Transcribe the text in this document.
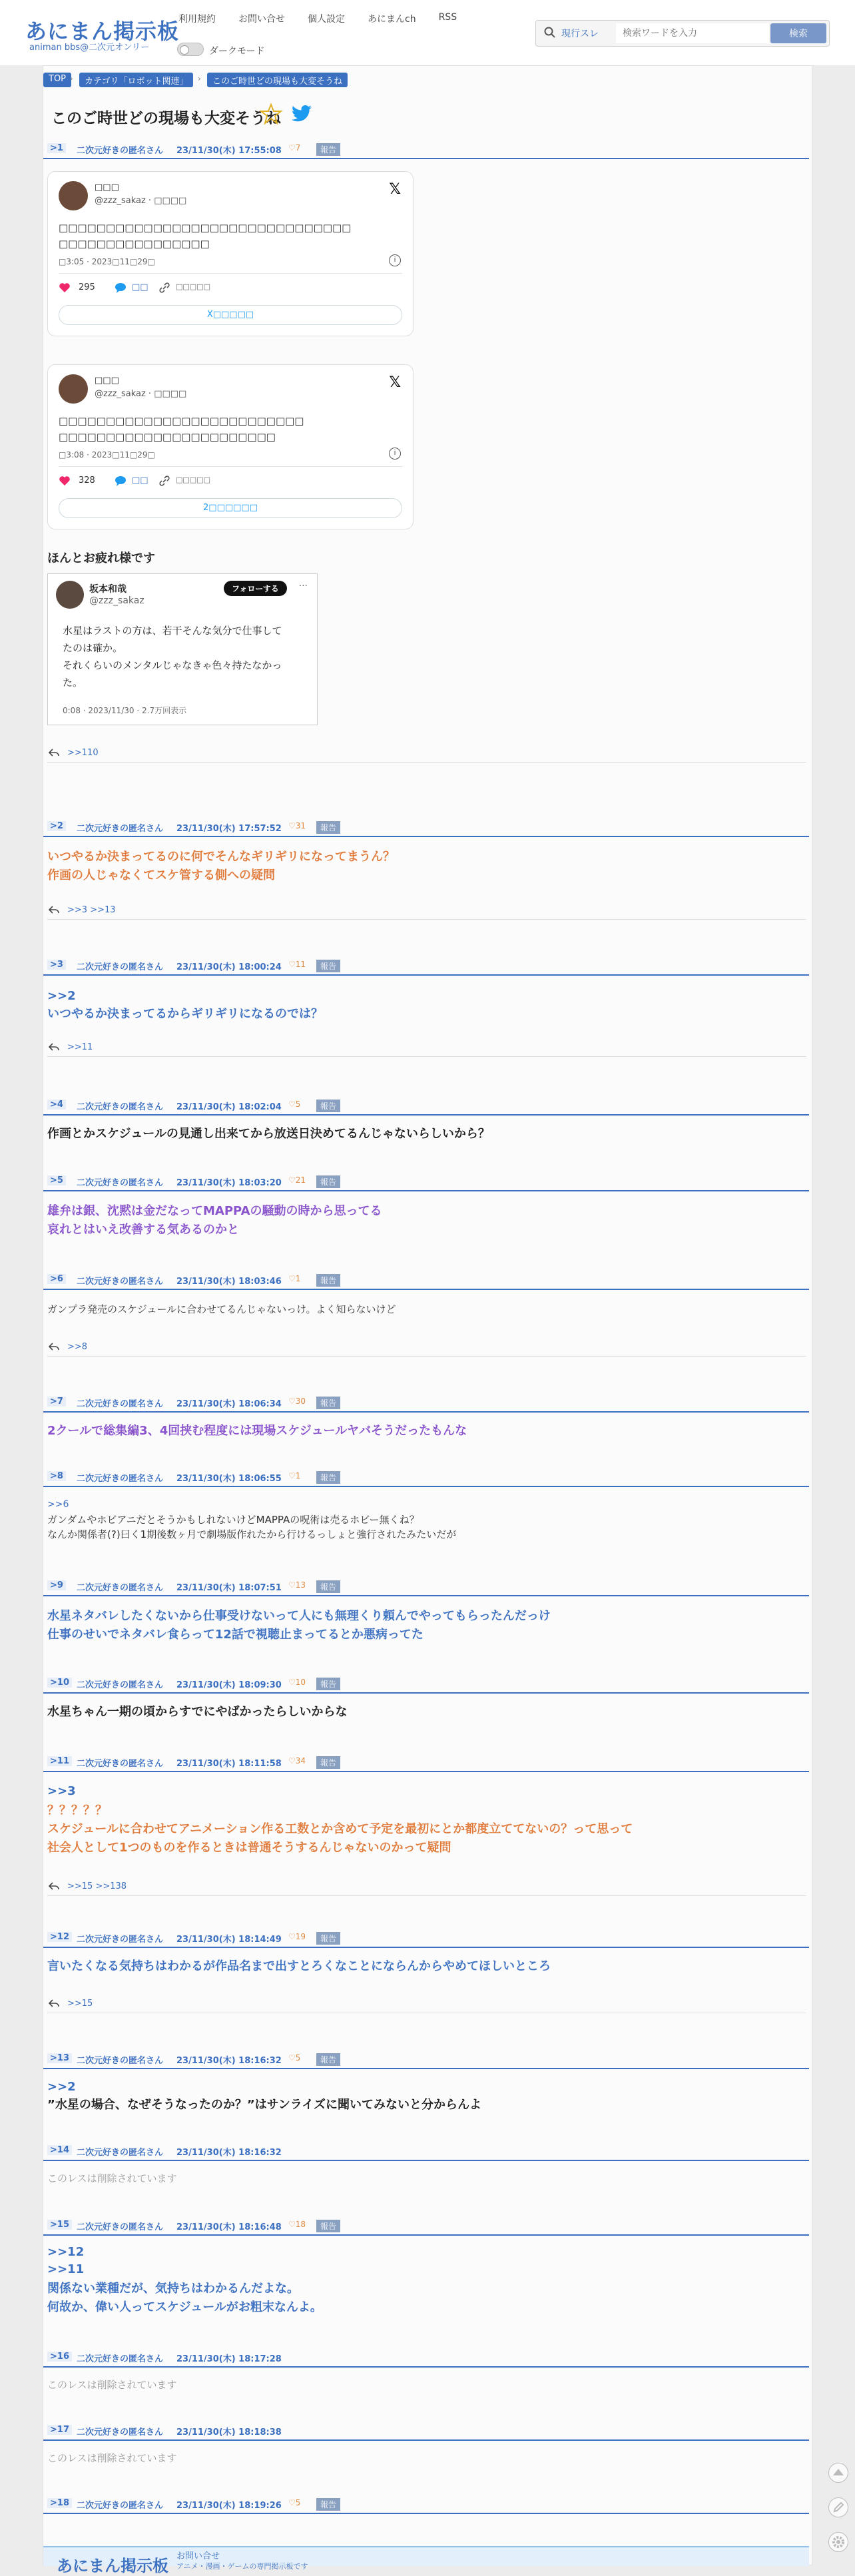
あにまん掲示板
animan bbs@二次元オンリー
利用規約 お問い合せ 個人設定 あにまんch RSS
ダークモード
現行スレ
検索ワードを入力	検索
TOP ›	カテゴリ「ロボット関連」	›	このご時世どの現場も大変そうね
このご時世どの現場も大変そうね
>1	二次元好きの匿名さん 23/11/30(木) 17:55:08 ♡7	報告
□□□
@zzz_sakaz · □□□□
𝕏
□□□□□□□□□□□□□□□□□□□□□□□□□□□□□□□
□□□□□□□□□□□□□□□□
□3:05 · 2023□11□29□	i
295	□□	□□□□□
X□□□□□
□□□
@zzz_sakaz · □□□□
𝕏
□□□□□□□□□□□□□□□□□□□□□□□□□□
□□□□□□□□□□□□□□□□□□□□□□□
□3:08 · 2023□11□29□	i
328	□□	□□□□□
2□□□□□□
ほんとお疲れ様です
坂本和哉
@zzz_sakaz
フォローする	···
水星はラストの方は、若干そんな気分で仕事して
たのは確か。
それくらいのメンタルじゃなきゃ色々持たなかっ
た。
0:08 · 2023/11/30 · 2.7万回表示
>>110
>2	二次元好きの匿名さん 23/11/30(木) 17:57:52 ♡31	報告
いつやるか決まってるのに何でそんなギリギリになってまうん？
作画の人じゃなくてスケ管する側への疑問
>>3 >>13
>3	二次元好きの匿名さん 23/11/30(木) 18:00:24 ♡11	報告
>>2
いつやるか決まってるからギリギリになるのでは？
>>11
>4	二次元好きの匿名さん 23/11/30(木) 18:02:04 ♡5	報告
作画とかスケジュールの見通し出来てから放送日決めてるんじゃないらしいから？
>5	二次元好きの匿名さん 23/11/30(木) 18:03:20 ♡21	報告
雄弁は銀、沈黙は金だなってMAPPAの騒動の時から思ってる
哀れとはいえ改善する気あるのかと
>6	二次元好きの匿名さん 23/11/30(木) 18:03:46 ♡1	報告
ガンプラ発売のスケジュールに合わせてるんじゃないっけ。よく知らないけど
>>8
>7	二次元好きの匿名さん 23/11/30(木) 18:06:34 ♡30	報告
2クールで総集編3、4回挟む程度には現場スケジュールヤバそうだったもんな
>8	二次元好きの匿名さん 23/11/30(木) 18:06:55 ♡1	報告
>>6
ガンダムやホビアニだとそうかもしれないけどMAPPAの呪術は売るホビー無くね？
なんか関係者(?)曰く1期後数ヶ月で劇場版作れたから行けるっしょと強行されたみたいだが
>9	二次元好きの匿名さん 23/11/30(木) 18:07:51 ♡13	報告
水星ネタバレしたくないから仕事受けないって人にも無理くり頼んでやってもらったんだっけ
仕事のせいでネタバレ食らって12話で視聴止まってるとか悪病ってた
>10 二次元好きの匿名さん 23/11/30(木) 18:09:30 ♡10	報告
水星ちゃん一期の頃からすでにやばかったらしいからな
>11 二次元好きの匿名さん 23/11/30(木) 18:11:58 ♡34	報告
>>3
？？？？？
スケジュールに合わせてアニメーション作る工数とか含めて予定を最初にとか都度立ててないの？って思って
社会人として1つのものを作るときは普通そうするんじゃないのかって疑問
>>15 >>138
>12 二次元好きの匿名さん 23/11/30(木) 18:14:49 ♡19	報告
言いたくなる気持ちはわかるが作品名まで出すとろくなことにならんからやめてほしいところ
>>15
>13 二次元好きの匿名さん 23/11/30(木) 18:16:32 ♡5	報告
>>2
”水星の場合、なぜそうなったのか？”はサンライズに聞いてみないと分からんよ
>14 二次元好きの匿名さん 23/11/30(木) 18:16:32
このレスは削除されています
>15 二次元好きの匿名さん 23/11/30(木) 18:16:48 ♡18	報告
>>12
>>11
関係ない業種だが、気持ちはわかるんだよな。
何故か、偉い人ってスケジュールがお粗末なんよ。
>16 二次元好きの匿名さん 23/11/30(木) 18:17:28
このレスは削除されています
>17 二次元好きの匿名さん 23/11/30(木) 18:18:38
このレスは削除されています
>18 二次元好きの匿名さん 23/11/30(木) 18:19:26 ♡5	報告
あにまん掲示板
お問い合せ
アニメ・漫画・ゲームの専門掲示板です
